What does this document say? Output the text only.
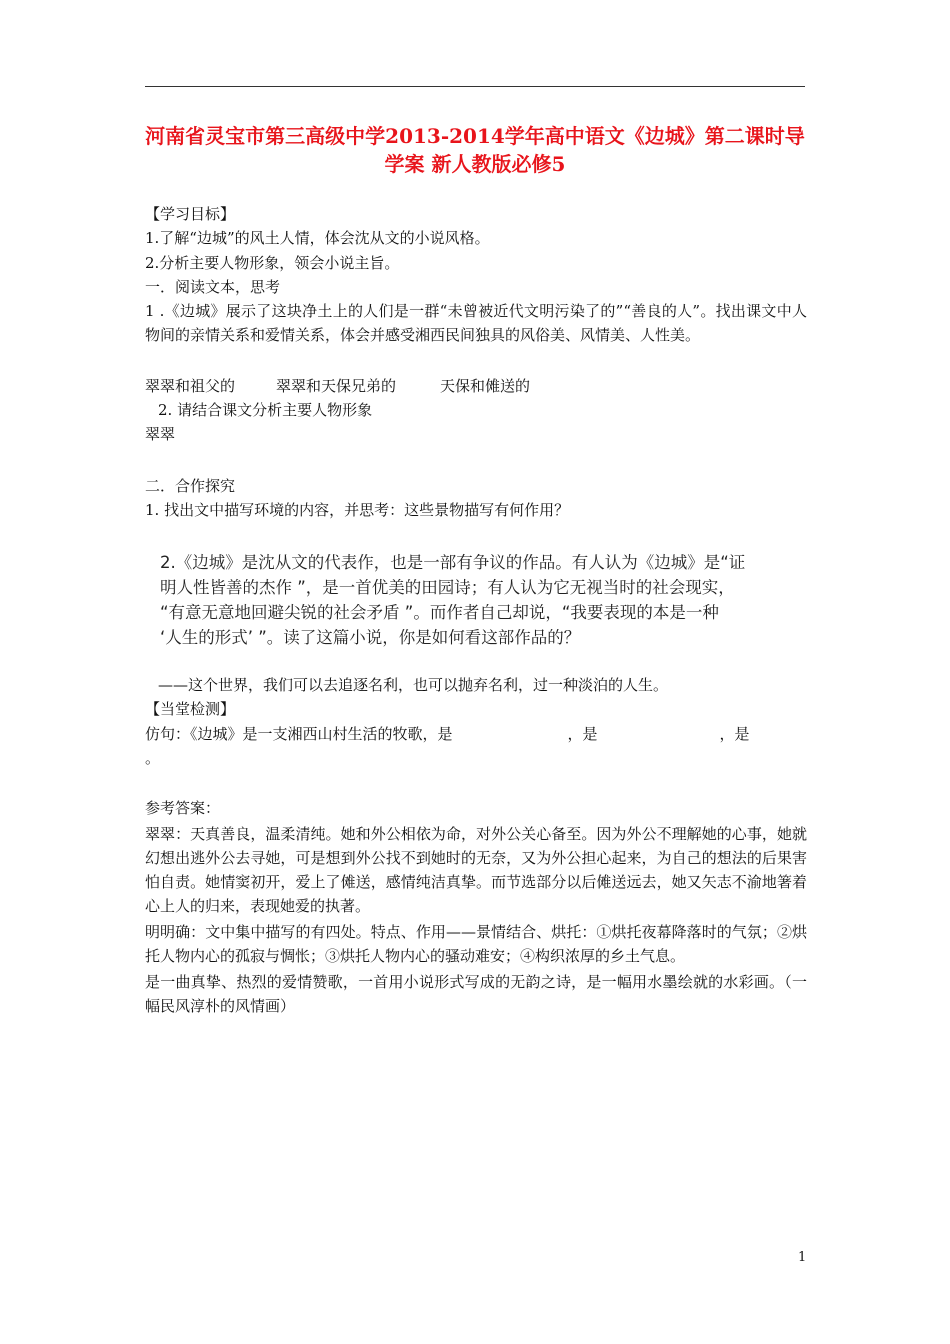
河南省灵宝市第三高级中学2013-2014学年高中语文《边城》第二课时导学案 新人教版必修5
【学习目标】
1.了解“边城”的风土人情，体会沈从文的小说风格。
2.分析主要人物形象，领会小说主旨。
一．阅读文本，思考
1 .《边城》展示了这块净土上的人们是一群“未曾被近代文明污染了的”“善良的人”。找出课文中人物间的亲情关系和爱情关系，体会并感受湘西民间独具的风俗美、风情美、人性美。
翠翠和祖父的	翠翠和天保兄弟的	天保和傩送的
2. 请结合课文分析主要人物形象
翠翠
二．合作探究
1. 找出文中描写环境的内容，并思考：这些景物描写有何作用？
2.《边城》是沈从文的代表作，也是一部有争议的作品。有人认为《边城》是“证
明人性皆善的杰作 ”，是一首优美的田园诗；有人认为它无视当时的社会现实，
“有意无意地回避尖锐的社会矛盾 ”。而作者自己却说，“我要表现的本是一种
‘人生的形式’ ”。读了这篇小说，你是如何看这部作品的？
——这个世界，我们可以去追逐名利，也可以抛弃名利，过一种淡泊的人生。
【当堂检测】
仿句：《边城》是一支湘西山村生活的牧歌，是	，是	，是
。
参考答案：
翠翠：天真善良，温柔清纯。她和外公相依为命，对外公关心备至。因为外公不理解她的心事，她就幻想出逃外公去寻她，可是想到外公找不到她时的无奈，又为外公担心起来，为自己的想法的后果害怕自责。她情窦初开，爱上了傩送，感情纯洁真挚。而节选部分以后傩送远去，她又矢志不渝地箸着心上人的归来，表现她爱的执著。
明明确：文中集中描写的有四处。特点、作用——景情结合、烘托：①烘托夜幕降落时的气氛；②烘托人物内心的孤寂与惆怅；③烘托人物内心的骚动难安；④构织浓厚的乡土气息。
是一曲真挚、热烈的爱情赞歌，一首用小说形式写成的无韵之诗，是一幅用水墨绘就的水彩画。（一幅民风淳朴的风情画）
1
